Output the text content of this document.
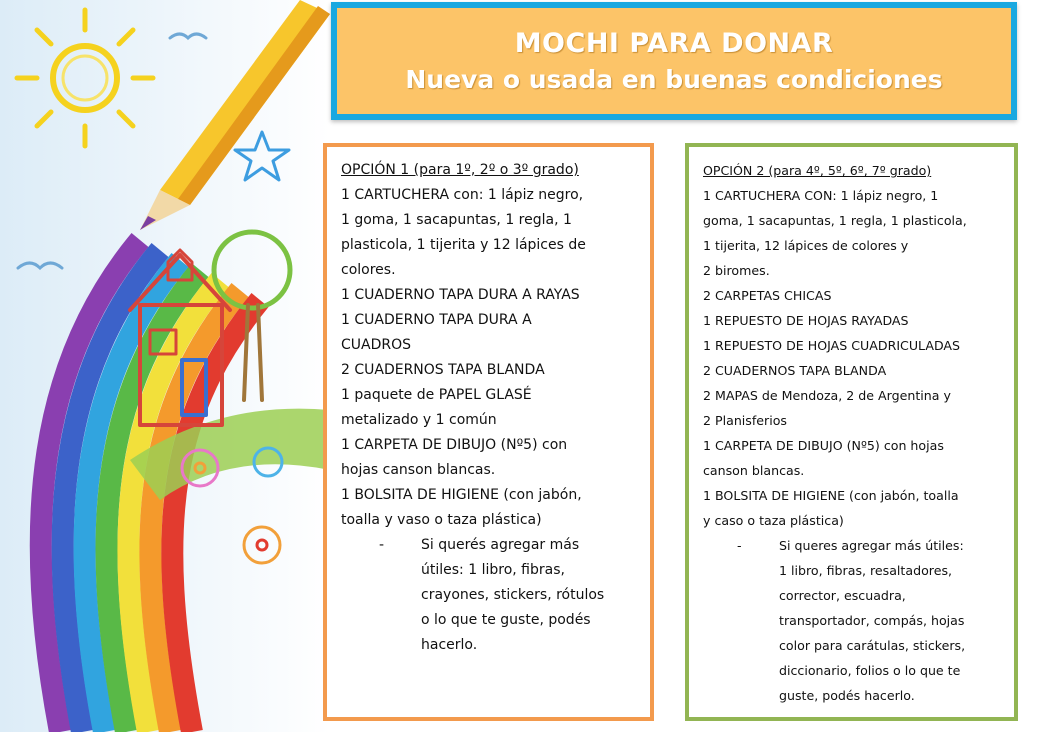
MOCHI PARA DONAR
Nueva o usada en buenas condiciones

OPCIÓN 1 (para 1º, 2º o 3º grado)

1 CARTUCHERA con: 1 lápiz negro,

1 goma, 1 sacapuntas, 1 regla, 1

plasticola, 1 tijerita y 12 lápices de

colores.

1 CUADERNO TAPA DURA A RAYAS

1 CUADERNO TAPA DURA A

CUADROS

2 CUADERNOS TAPA BLANDA

1 paquete de PAPEL GLASÉ

metalizado y 1 común

1 CARPETA DE DIBUJO (Nº5) con

hojas canson blancas.

1 BOLSITA DE HIGIENE (con jabón,

toalla y vaso o taza plástica)

-	Si querés agregar más

útiles: 1 libro, fibras,

crayones, stickers, rótulos

o lo que te guste, podés

hacerlo.

OPCIÓN 2 (para 4º, 5º, 6º, 7º grado)

1 CARTUCHERA CON: 1 lápiz negro, 1

goma, 1 sacapuntas, 1 regla, 1 plasticola,

1 tijerita, 12 lápices de colores y

2 biromes.

2 CARPETAS CHICAS

1 REPUESTO DE HOJAS RAYADAS

1 REPUESTO DE HOJAS CUADRICULADAS

2 CUADERNOS TAPA BLANDA

2 MAPAS de Mendoza, 2 de Argentina y

2 Planisferios

1 CARPETA DE DIBUJO (Nº5) con hojas

canson blancas.

1 BOLSITA DE HIGIENE (con jabón, toalla

y caso o taza plástica)

-	Si queres agregar más útiles:

1 libro, fibras, resaltadores,

corrector, escuadra,

transportador, compás, hojas

color para carátulas, stickers,

diccionario, folios o lo que te

guste, podés hacerlo.
